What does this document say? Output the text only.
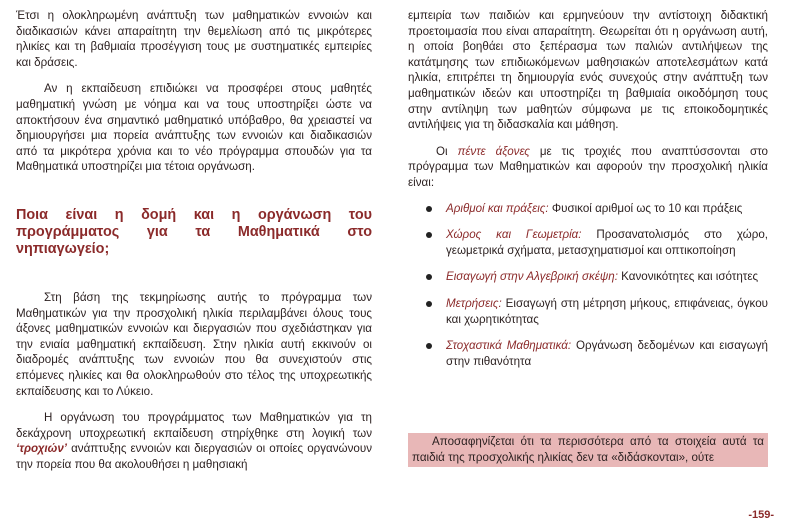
Έτσι η ολοκληρωμένη ανάπτυξη των μαθηματικών εννοιών και διαδικασιών κάνει απαραίτητη την θεμελίωση από τις μικρότερες ηλικίες και τη βαθμιαία προσέγγιση τους με συστηματικές εμπειρίες και δράσεις.

Αν η εκπαίδευση επιδιώκει να προσφέρει στους μαθητές μαθηματική γνώση με νόημα και να τους υποστηρίξει ώστε να αποκτήσουν ένα σημαντικό μαθηματικό υπόβαθρο, θα χρειαστεί να δημιουργήσει μια πορεία ανάπτυξης των εννοιών και διαδικασιών από τα μικρότερα χρόνια και το νέο πρόγραμμα σπουδών για τα Μαθηματικά υποστηρίζει μια τέτοια οργάνωση.

Ποια είναι η δομή και η οργάνωση του προγράμματος για τα Μαθηματικά στο νηπιαγωγείο;

Στη βάση της τεκμηρίωσης αυτής το πρόγραμμα των Μαθηματικών για την προσχολική ηλικία περιλαμβάνει όλους τους άξονες μαθηματικών εννοιών και διεργασιών που σχεδιάστηκαν για την ενιαία μαθηματική εκπαίδευση. Στην ηλικία αυτή εκκινούν οι διαδρομές ανάπτυξης των εννοιών που θα συνεχιστούν στις επόμενες ηλικίες και θα ολοκληρωθούν στο τέλος της υποχρεωτικής εκπαίδευσης και το Λύκειο.

Η οργάνωση του προγράμματος των Μαθηματικών για τη δεκάχρονη υποχρεωτική εκπαίδευση στηρίχθηκε στη λογική των ‘τροχιών’ ανάπτυξης εννοιών και διεργασιών οι οποίες οργανώνουν την πορεία που θα ακολουθήσει η μαθησιακή

εμπειρία των παιδιών και ερμηνεύουν την αντίστοιχη διδακτική προετοιμασία που είναι απαραίτητη. Θεωρείται ότι η οργάνωση αυτή, η οποία βοηθάει στο ξεπέρασμα των παλιών αντιλήψεων της κατάτμησης των επιδιωκόμενων μαθησιακών αποτελεσμάτων κατά ηλικία, επιτρέπει τη δημιουργία ενός συνεχούς στην ανάπτυξη των μαθηματικών ιδεών και υποστηρίζει τη βαθμιαία οικοδόμηση τους στην αντίληψη των μαθητών σύμφωνα με τις εποικοδομητικές αντιλήψεις για τη διδασκαλία και μάθηση.

Οι πέντε άξονες με τις τροχιές που αναπτύσσονται στο πρόγραμμα των Μαθηματικών και αφορούν την προσχολική ηλικία είναι:

Αριθμοί και πράξεις: Φυσικοί αριθμοί ως το 10 και πράξεις
Χώρος και Γεωμετρία: Προσανατολισμός στο χώρο, γεωμετρικά σχήματα, μετασχηματισμοί και οπτικοποίηση
Εισαγωγή στην Αλγεβρική σκέψη: Κανονικότητες και ισότητες
Μετρήσεις: Εισαγωγή στη μέτρηση μήκους, επιφάνειας, όγκου και χωρητικότητας
Στοχαστικά Μαθηματικά: Οργάνωση δεδομένων και εισαγωγή στην πιθανότητα
Αποσαφηνίζεται ότι τα περισσότερα από τα στοιχεία αυτά τα παιδιά της προσχολικής ηλικίας δεν τα «διδάσκονται», ούτε
-159-
